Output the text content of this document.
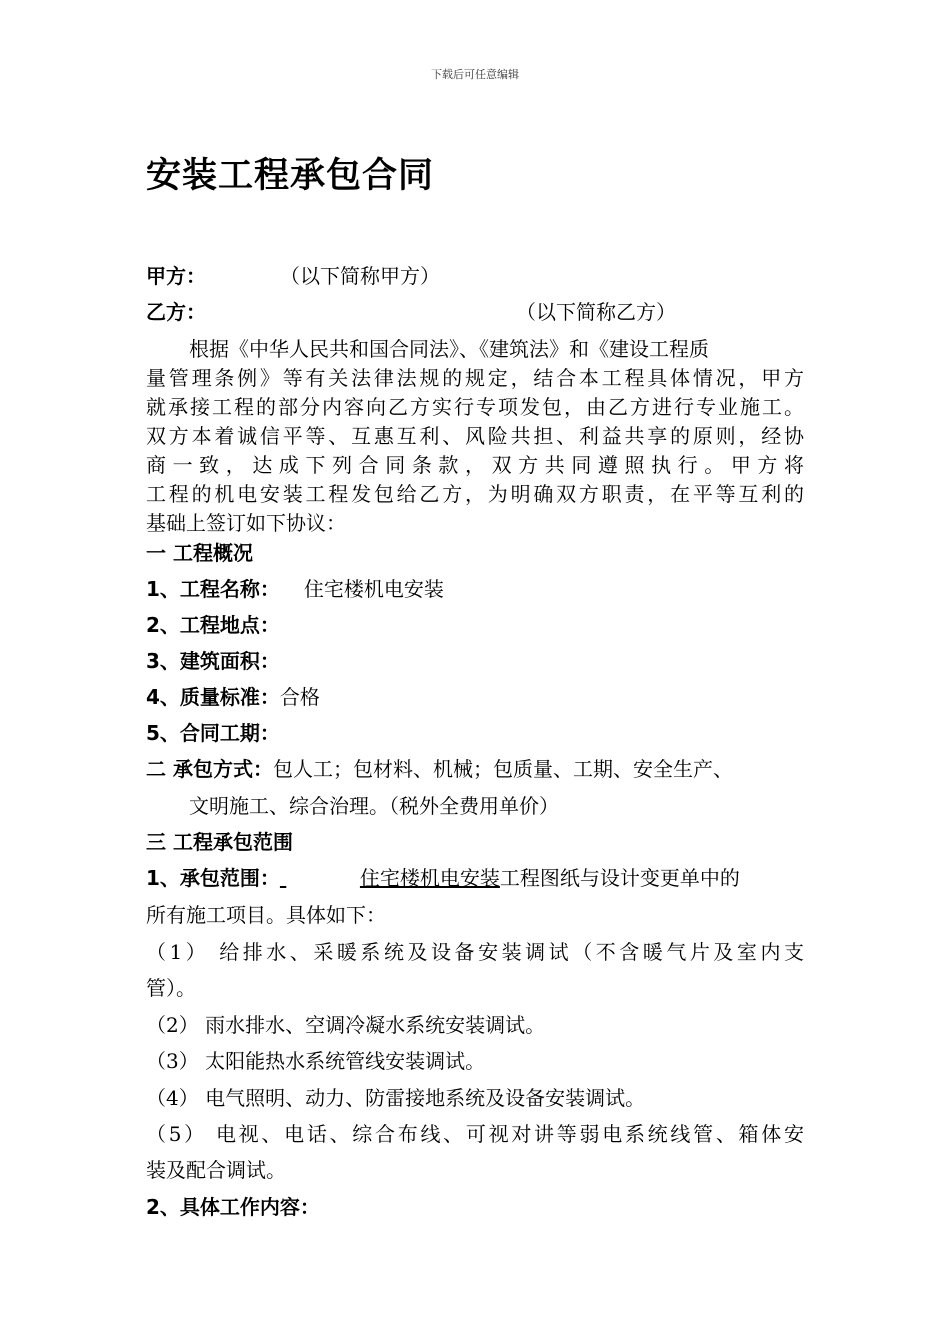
下载后可任意编辑
安装工程承包合同
甲方：	（以下简称甲方）
乙方：	（以下简称乙方）
根据《中华人民共和国合同法》、《建筑法》和《建设工程质
量管理条例》等有关法律法规的规定，结合本工程具体情况，甲方
就承接工程的部分内容向乙方实行专项发包，由乙方进行专业施工。
双方本着诚信平等、互惠互利、风险共担、利益共享的原则，经协
商一致，达成下列合同条款，双方共同遵照执行。甲方将
工程的机电安装工程发包给乙方，为明确双方职责，在平等互利的
基础上签订如下协议：
一 工程概况
1、工程名称： 住宅楼机电安装
2、工程地点：
3、建筑面积：
4、质量标准：合格
5、合同工期：
二 承包方式：包人工；包材料、机械；包质量、工期、安全生产、
文明施工、综合治理。（税外全费用单价）
三 工程承包范围
1、承包范围：	住宅楼机电安装工程图纸与设计变更单中的
所有施工项目。具体如下：
（1） 给排水、采暖系统及设备安装调试（不含暖气片及室内支
管）。
（2） 雨水排水、空调冷凝水系统安装调试。
（3） 太阳能热水系统管线安装调试。
（4） 电气照明、动力、防雷接地系统及设备安装调试。
（5） 电视、电话、综合布线、可视对讲等弱电系统线管、箱体安
装及配合调试。
2、具体工作内容：
